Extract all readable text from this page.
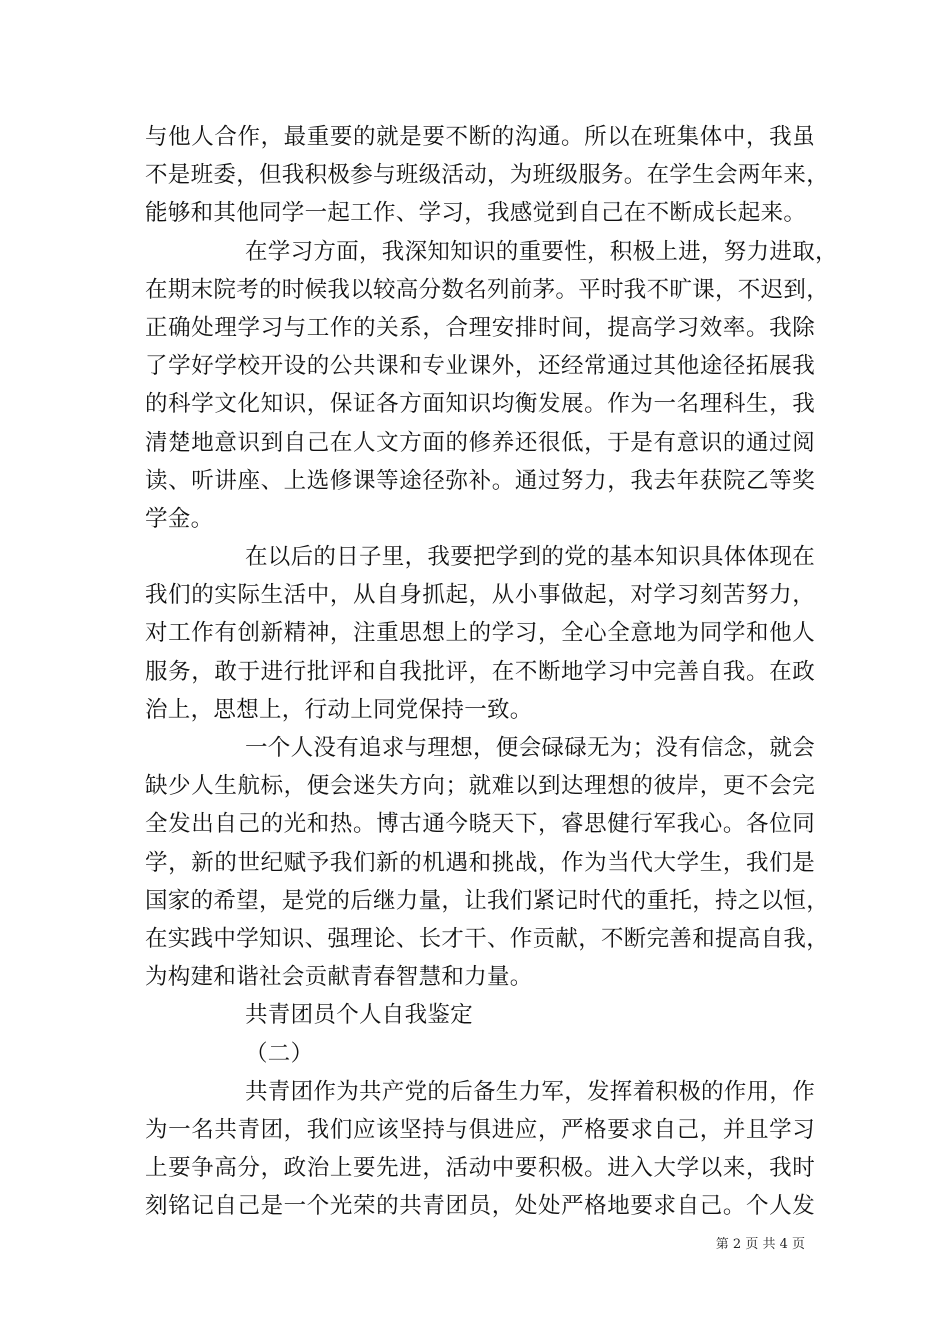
与他人合作，最重要的就是要不断的沟通。所以在班集体中，我虽
不是班委，但我积极参与班级活动，为班级服务。在学生会两年来，
能够和其他同学一起工作、学习，我感觉到自己在不断成长起来。
在学习方面，我深知知识的重要性，积极上进，努力进取，
在期末院考的时候我以较高分数名列前茅。平时我不旷课，不迟到，
正确处理学习与工作的关系，合理安排时间，提高学习效率。我除
了学好学校开设的公共课和专业课外，还经常通过其他途径拓展我
的科学文化知识，保证各方面知识均衡发展。作为一名理科生，我
清楚地意识到自己在人文方面的修养还很低，于是有意识的通过阅
读、听讲座、上选修课等途径弥补。通过努力，我去年获院乙等奖
学金。
在以后的日子里，我要把学到的党的基本知识具体体现在
我们的实际生活中，从自身抓起，从小事做起，对学习刻苦努力，
对工作有创新精神，注重思想上的学习，全心全意地为同学和他人
服务，敢于进行批评和自我批评，在不断地学习中完善自我。在政
治上，思想上，行动上同党保持一致。
一个人没有追求与理想，便会碌碌无为；没有信念，就会
缺少人生航标，便会迷失方向；就难以到达理想的彼岸，更不会完
全发出自己的光和热。博古通今晓天下，睿思健行军我心。各位同
学，新的世纪赋予我们新的机遇和挑战，作为当代大学生，我们是
国家的希望，是党的后继力量，让我们紧记时代的重托，持之以恒，
在实践中学知识、强理论、长才干、作贡献，不断完善和提高自我，
为构建和谐社会贡献青春智慧和力量。
共青团员个人自我鉴定
（二）
共青团作为共产党的后备生力军，发挥着积极的作用，作
为一名共青团，我们应该坚持与俱进应，严格要求自己，并且学习
上要争高分，政治上要先进，活动中要积极。进入大学以来，我时
刻铭记自己是一个光荣的共青团员，处处严格地要求自己。个人发
第 2 页 共 4 页
